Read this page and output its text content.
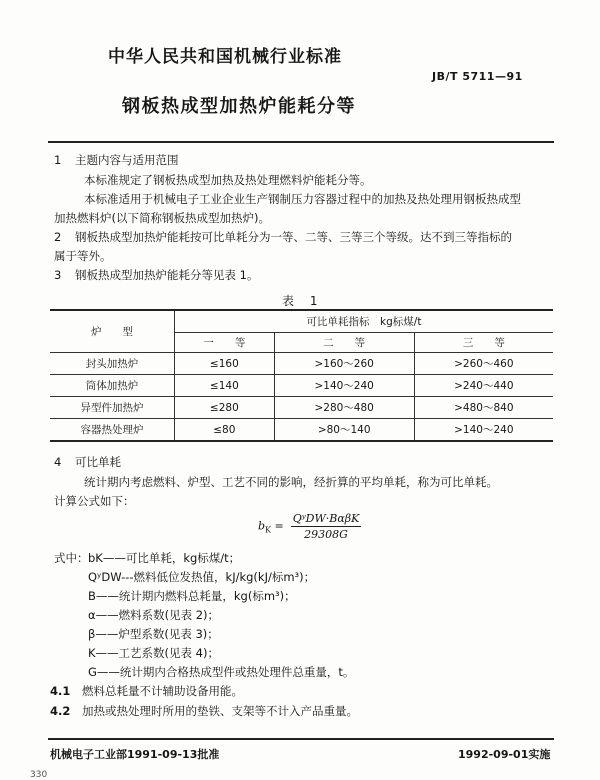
中华人民共和国机械行业标准
JB/T 5711—91
钢板热成型加热炉能耗分等
1 主题内容与适用范围
本标准规定了钢板热成型加热及热处理燃料炉能耗分等。
本标准适用于机械电子工业企业生产钢制压力容器过程中的加热及热处理用钢板热成型
加热燃料炉(以下简称钢板热成型加热炉)。
2 钢板热成型加热炉能耗按可比单耗分为一等、二等、三等三个等级。达不到三等指标的
属于等外。
3 钢板热成型加热炉能耗分等见表 1。
表 1
炉　　型	可比单耗指标　kg标煤/t		
	一　　等	二　　等	三　　等
封头加热炉	≤160	>160～260	>260～460
筒体加热炉	≤140	>140～240	>240～440
异型件加热炉	≤280	>280～480	>480～840
容器热处理炉	≤80	>80～140	>140～240
4 可比单耗
统计期内考虑燃料、炉型、工艺不同的影响，经折算的平均单耗，称为可比单耗。
计算公式如下：
$b_K = \frac{\text{QʸDW·BαβK}}{29308G}$
式中： bK——可比单耗，kg标煤/t；
QʸDW---燃料低位发热值，kJ/kg(kJ/标m³)；
B——统计期内燃料总耗量，kg(标m³)；
α——燃料系数(见表 2)；
β——炉型系数(见表 3)；
K——工艺系数(见表 4)；
G——统计期内合格热成型件或热处理件总重量，t。
4.1 燃料总耗量不计辅助设备用能。
4.2 加热或热处理时所用的垫铁、支架等不计入产品重量。
机械电子工业部1991-09-13批准	1992-09-01实施
330
